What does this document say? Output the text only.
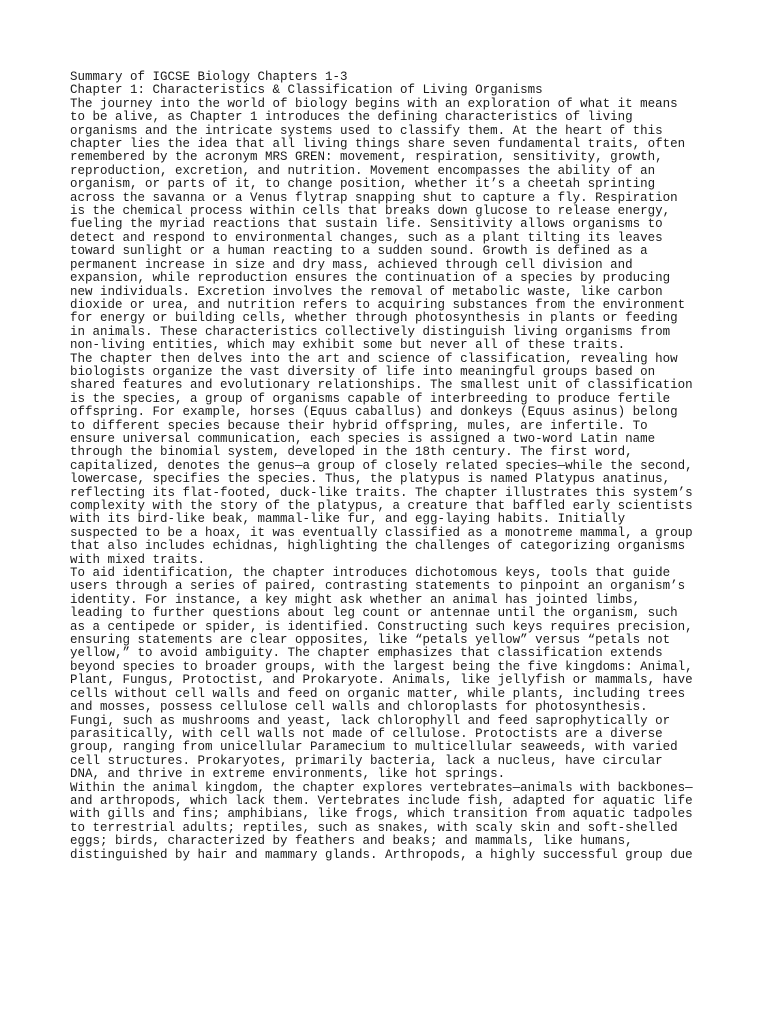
Summary of IGCSE Biology Chapters 1-3

Chapter 1: Characteristics & Classification of Living Organisms

The journey into the world of biology begins with an exploration of what it means
to be alive, as Chapter 1 introduces the defining characteristics of living
organisms and the intricate systems used to classify them. At the heart of this
chapter lies the idea that all living things share seven fundamental traits, often
remembered by the acronym MRS GREN: movement, respiration, sensitivity, growth,
reproduction, excretion, and nutrition. Movement encompasses the ability of an
organism, or parts of it, to change position, whether it’s a cheetah sprinting
across the savanna or a Venus flytrap snapping shut to capture a fly. Respiration
is the chemical process within cells that breaks down glucose to release energy,
fueling the myriad reactions that sustain life. Sensitivity allows organisms to
detect and respond to environmental changes, such as a plant tilting its leaves
toward sunlight or a human reacting to a sudden sound. Growth is defined as a
permanent increase in size and dry mass, achieved through cell division and
expansion, while reproduction ensures the continuation of a species by producing
new individuals. Excretion involves the removal of metabolic waste, like carbon
dioxide or urea, and nutrition refers to acquiring substances from the environment
for energy or building cells, whether through photosynthesis in plants or feeding
in animals. These characteristics collectively distinguish living organisms from
non-living entities, which may exhibit some but never all of these traits.

The chapter then delves into the art and science of classification, revealing how
biologists organize the vast diversity of life into meaningful groups based on
shared features and evolutionary relationships. The smallest unit of classification
is the species, a group of organisms capable of interbreeding to produce fertile
offspring. For example, horses (Equus caballus) and donkeys (Equus asinus) belong
to different species because their hybrid offspring, mules, are infertile. To
ensure universal communication, each species is assigned a two-word Latin name
through the binomial system, developed in the 18th century. The first word,
capitalized, denotes the genus—a group of closely related species—while the second,
lowercase, specifies the species. Thus, the platypus is named Platypus anatinus,
reflecting its flat-footed, duck-like traits. The chapter illustrates this system’s
complexity with the story of the platypus, a creature that baffled early scientists
with its bird-like beak, mammal-like fur, and egg-laying habits. Initially
suspected to be a hoax, it was eventually classified as a monotreme mammal, a group
that also includes echidnas, highlighting the challenges of categorizing organisms
with mixed traits.

To aid identification, the chapter introduces dichotomous keys, tools that guide
users through a series of paired, contrasting statements to pinpoint an organism’s
identity. For instance, a key might ask whether an animal has jointed limbs,
leading to further questions about leg count or antennae until the organism, such
as a centipede or spider, is identified. Constructing such keys requires precision,
ensuring statements are clear opposites, like “petals yellow” versus “petals not
yellow,” to avoid ambiguity. The chapter emphasizes that classification extends
beyond species to broader groups, with the largest being the five kingdoms: Animal,
Plant, Fungus, Protoctist, and Prokaryote. Animals, like jellyfish or mammals, have
cells without cell walls and feed on organic matter, while plants, including trees
and mosses, possess cellulose cell walls and chloroplasts for photosynthesis.
Fungi, such as mushrooms and yeast, lack chlorophyll and feed saprophytically or
parasitically, with cell walls not made of cellulose. Protoctists are a diverse
group, ranging from unicellular Paramecium to multicellular seaweeds, with varied
cell structures. Prokaryotes, primarily bacteria, lack a nucleus, have circular
DNA, and thrive in extreme environments, like hot springs.

Within the animal kingdom, the chapter explores vertebrates—animals with backbones—
and arthropods, which lack them. Vertebrates include fish, adapted for aquatic life
with gills and fins; amphibians, like frogs, which transition from aquatic tadpoles
to terrestrial adults; reptiles, such as snakes, with scaly skin and soft-shelled
eggs; birds, characterized by feathers and beaks; and mammals, like humans,
distinguished by hair and mammary glands. Arthropods, a highly successful group due
